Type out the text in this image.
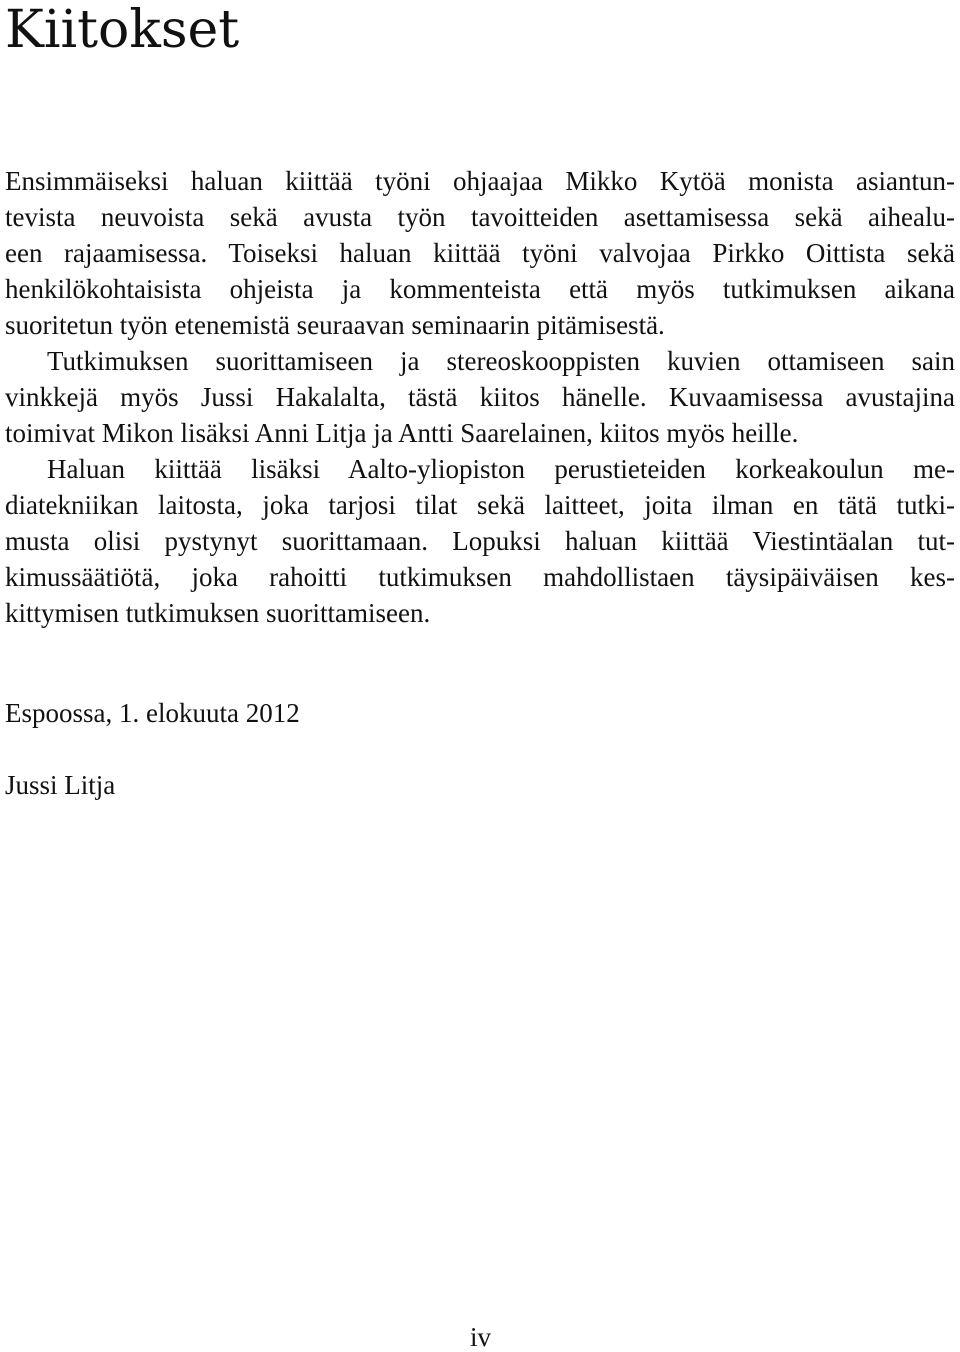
Kiitokset

Ensimmäiseksi haluan kiittää työni ohjaajaa Mikko Kytöä monista asiantun-

tevista neuvoista sekä avusta työn tavoitteiden asettamisessa sekä aihealu-

een rajaamisessa. Toiseksi haluan kiittää työni valvojaa Pirkko Oittista sekä

henkilökohtaisista ohjeista ja kommenteista että myös tutkimuksen aikana

suoritetun työn etenemistä seuraavan seminaarin pitämisestä.

Tutkimuksen suorittamiseen ja stereoskooppisten kuvien ottamiseen sain

vinkkejä myös Jussi Hakalalta, tästä kiitos hänelle. Kuvaamisessa avustajina

toimivat Mikon lisäksi Anni Litja ja Antti Saarelainen, kiitos myös heille.

Haluan kiittää lisäksi Aalto-yliopiston perustieteiden korkeakoulun me-

diatekniikan laitosta, joka tarjosi tilat sekä laitteet, joita ilman en tätä tutki-

musta olisi pystynyt suorittamaan. Lopuksi haluan kiittää Viestintäalan tut-

kimussäätiötä, joka rahoitti tutkimuksen mahdollistaen täysipäiväisen kes-

kittymisen tutkimuksen suorittamiseen.

Espoossa, 1. elokuuta 2012
Jussi Litja
iv
